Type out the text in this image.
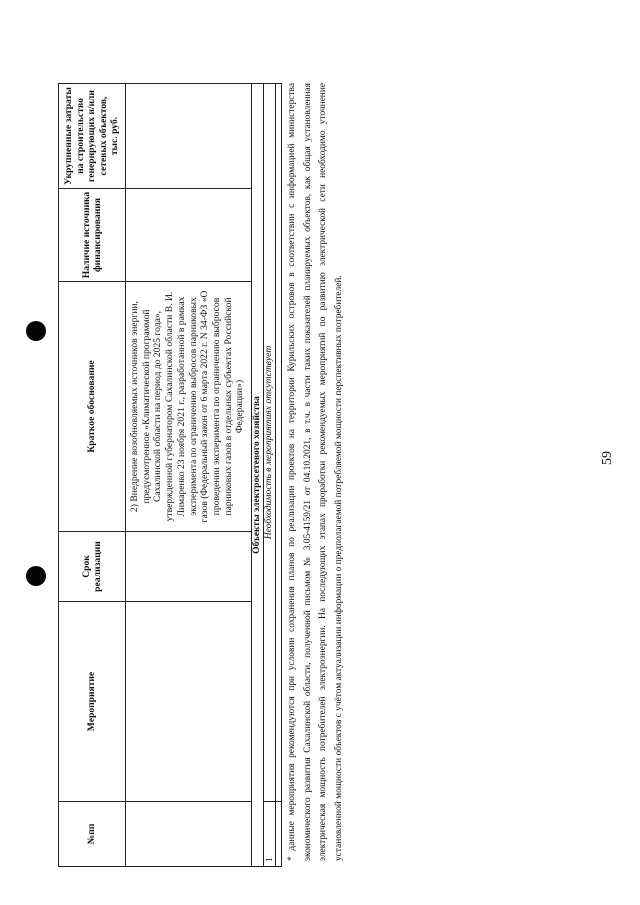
59
№пп	Мероприятие	Срок реализации	Краткое обоснование	Наличие источника финансирования	Укрупненные затраты на строительство генерирующих и/или сетевых объектов, тыс. руб.
			2) Внедрение возобновляемых источников энергии, предусмотренное «Климатической программой Сахалинской области на период до 2025 года», утвержденной губернатором Сахалинской области В. И. Лимаренко 23 ноября 2021 г., разработанной в рамках эксперимента по ограничению выбросов парниковых газов (Федеральный закон от 6 марта 2022 г. N 34-ФЗ «О проведении эксперимента по ограничению выбросов парниковых газов в отдельных субъектах Российской Федерации»)		
Объекты электросетевого хозяйства					
1	Необходимость в мероприятиях отсутствует				
	* данные мероприятия рекомендуются при условии сохранения планов по реализации проектов на территории Курильских островов в соответствии с информацией министерства экономического развития Сахалинской области, полученной письмом № 3.05-4159/21 от 04.10.2021, в т.ч. в части таких показателей планируемых объектов, как общая установленная электрическая мощность потребителей электроэнергии. На последующих этапах проработки рекомендуемых мероприятий по развитию электрической сети необходимо уточнение установленной мощности объектов с учётом актуализации информации о предполагаемой потребляемой мощности перспективных потребителей.
